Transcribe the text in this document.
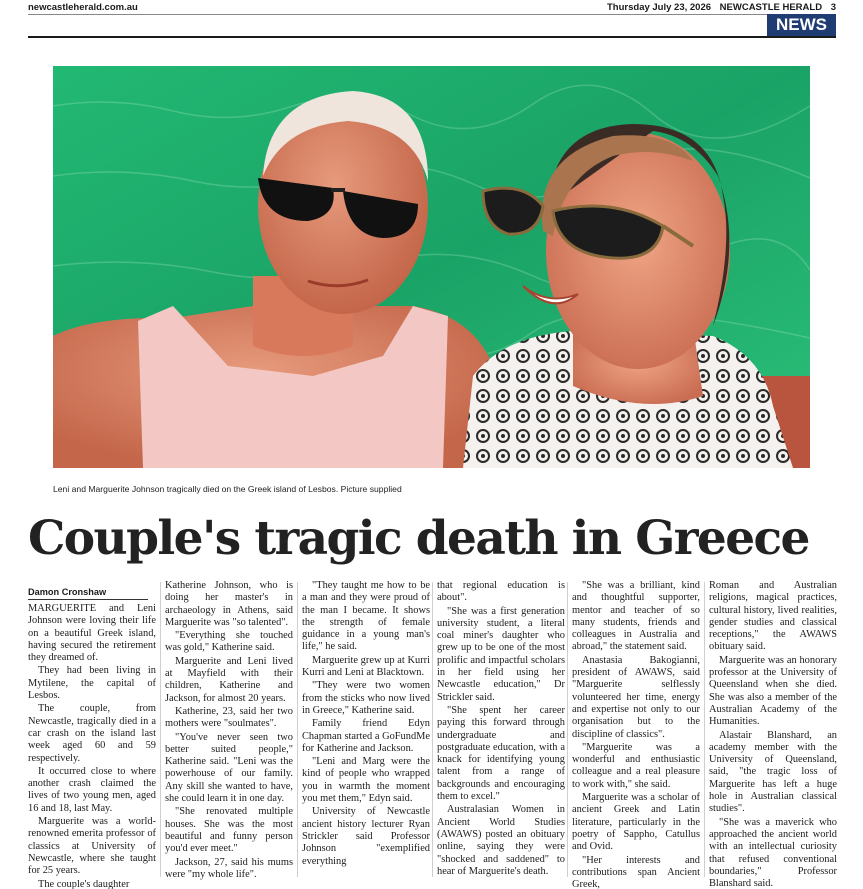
newcastleherald.com.au	Thursday July 23, 2026 NEWCASTLE HERALD 3
NEWS
Leni and Marguerite Johnson tragically died on the Greek island of Lesbos. Picture supplied
Couple's tragic death in Greece
Damon Cronshaw

MARGUERITE and Leni Johnson were loving their life on a beautiful Greek island, having secured the retirement they dreamed of.

They had been living in Mytilene, the capital of Lesbos.

The couple, from Newcastle, tragically died in a car crash on the island last week aged 60 and 59 respectively.

It occurred close to where another crash claimed the lives of two young men, aged 16 and 18, last May.

Marguerite was a world-renowned emerita professor of classics at University of Newcastle, where she taught for 25 years.

The couple's daughter

Katherine Johnson, who is doing her master's in archaeology in Athens, said Marguerite was "so talented".

"Everything she touched was gold," Katherine said.

Marguerite and Leni lived at Mayfield with their children, Katherine and Jackson, for almost 20 years.

Katherine, 23, said her two mothers were "soulmates".

"You've never seen two better suited people," Katherine said. "Leni was the powerhouse of our family. Any skill she wanted to have, she could learn it in one day.

"She renovated multiple houses. She was the most beautiful and funny person you'd ever meet."

Jackson, 27, said his mums were "my whole life".

"They taught me how to be a man and they were proud of the man I became. It shows the strength of female guidance in a young man's life," he said.

Marguerite grew up at Kurri Kurri and Leni at Blacktown.

"They were two women from the sticks who now lived in Greece," Katherine said.

Family friend Edyn Chapman started a GoFundMe for Katherine and Jackson.

"Leni and Marg were the kind of people who wrapped you in warmth the moment you met them," Edyn said.

University of Newcastle ancient history lecturer Ryan Strickler said Professor Johnson "exemplified everything

that regional education is about".

"She was a first generation university student, a literal coal miner's daughter who grew up to be one of the most prolific and impactful scholars in her field using her Newcastle education," Dr Strickler said.

"She spent her career paying this forward through undergraduate and postgraduate education, with a knack for identifying young talent from a range of backgrounds and encouraging them to excel."

Australasian Women in Ancient World Studies (AWAWS) posted an obituary online, saying they were "shocked and saddened" to hear of Marguerite's death.

"She was a brilliant, kind and thoughtful supporter, mentor and teacher of so many students, friends and colleagues in Australia and abroad," the statement said.

Anastasia Bakogianni, president of AWAWS, said "Marguerite selflessly volunteered her time, energy and expertise not only to our organisation but to the discipline of classics".

"Marguerite was a wonderful and enthusiastic colleague and a real pleasure to work with," she said.

Marguerite was a scholar of ancient Greek and Latin literature, particularly in the poetry of Sappho, Catullus and Ovid.

"Her interests and contributions span Ancient Greek,

Roman and Australian religions, magical practices, cultural history, lived realities, gender studies and classical receptions," the AWAWS obituary said.

Marguerite was an honorary professor at the University of Queensland when she died. She was also a member of the Australian Academy of the Humanities.

Alastair Blanshard, an academy member with the University of Queensland, said, "the tragic loss of Marguerite has left a huge hole in Australian classical studies".

"She was a maverick who approached the ancient world with an intellectual curiosity that refused conventional boundaries," Professor Blanshard said.
